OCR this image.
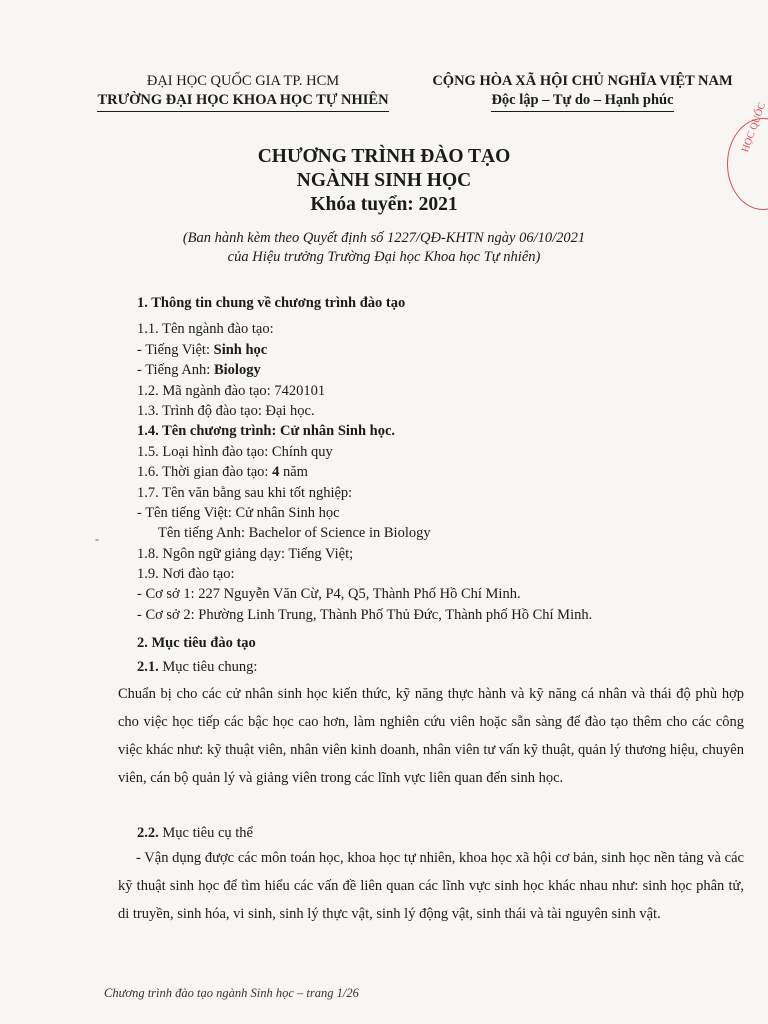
ĐẠI HỌC QUỐC GIA TP. HCM
TRƯỜNG ĐẠI HỌC KHOA HỌC TỰ NHIÊN
CỘNG HÒA XÃ HỘI CHỦ NGHĨA VIỆT NAM
Độc lập – Tự do – Hạnh phúc
HỌC QUỐC
CHƯƠNG TRÌNH ĐÀO TẠO
NGÀNH SINH HỌC
Khóa tuyển: 2021
(Ban hành kèm theo Quyết định số 1227/QĐ-KHTN ngày 06/10/2021
của Hiệu trưởng Trường Đại học Khoa học Tự nhiên)
1. Thông tin chung về chương trình đào tạo
1.1. Tên ngành đào tạo:
- Tiếng Việt: Sinh học
- Tiếng Anh: Biology
1.2. Mã ngành đào tạo: 7420101
1.3. Trình độ đào tạo: Đại học.
1.4. Tên chương trình: Cử nhân Sinh học.
1.5. Loại hình đào tạo: Chính quy
1.6. Thời gian đào tạo: 4 năm
1.7. Tên văn bằng sau khi tốt nghiệp:
- Tên tiếng Việt: Cử nhân Sinh học
Tên tiếng Anh: Bachelor of Science in Biology
-
1.8. Ngôn ngữ giảng dạy: Tiếng Việt;
1.9. Nơi đào tạo:
- Cơ sở 1: 227 Nguyễn Văn Cừ, P4, Q5, Thành Phố Hồ Chí Minh.
- Cơ sở 2: Phường Linh Trung, Thành Phố Thủ Đức, Thành phố Hồ Chí Minh.
2. Mục tiêu đào tạo
2.1. Mục tiêu chung:
Chuẩn bị cho các cử nhân sinh học kiến thức, kỹ năng thực hành và kỹ năng cá nhân và thái độ phù hợp cho việc học tiếp các bậc học cao hơn, làm nghiên cứu viên hoặc sẵn sàng để đào tạo thêm cho các công việc khác như: kỹ thuật viên, nhân viên kinh doanh, nhân viên tư vấn kỹ thuật, quản lý thương hiệu, chuyên viên, cán bộ quản lý và giảng viên trong các lĩnh vực liên quan đến sinh học.
2.2. Mục tiêu cụ thể
- Vận dụng được các môn toán học, khoa học tự nhiên, khoa học xã hội cơ bản, sinh học nền tảng và các kỹ thuật sinh học để tìm hiểu các vấn đề liên quan các lĩnh vực sinh học khác nhau như: sinh học phân tử, di truyền, sinh hóa, vi sinh, sinh lý thực vật, sinh lý động vật, sinh thái và tài nguyên sinh vật.
Chương trình đào tạo ngành Sinh học – trang 1/26
